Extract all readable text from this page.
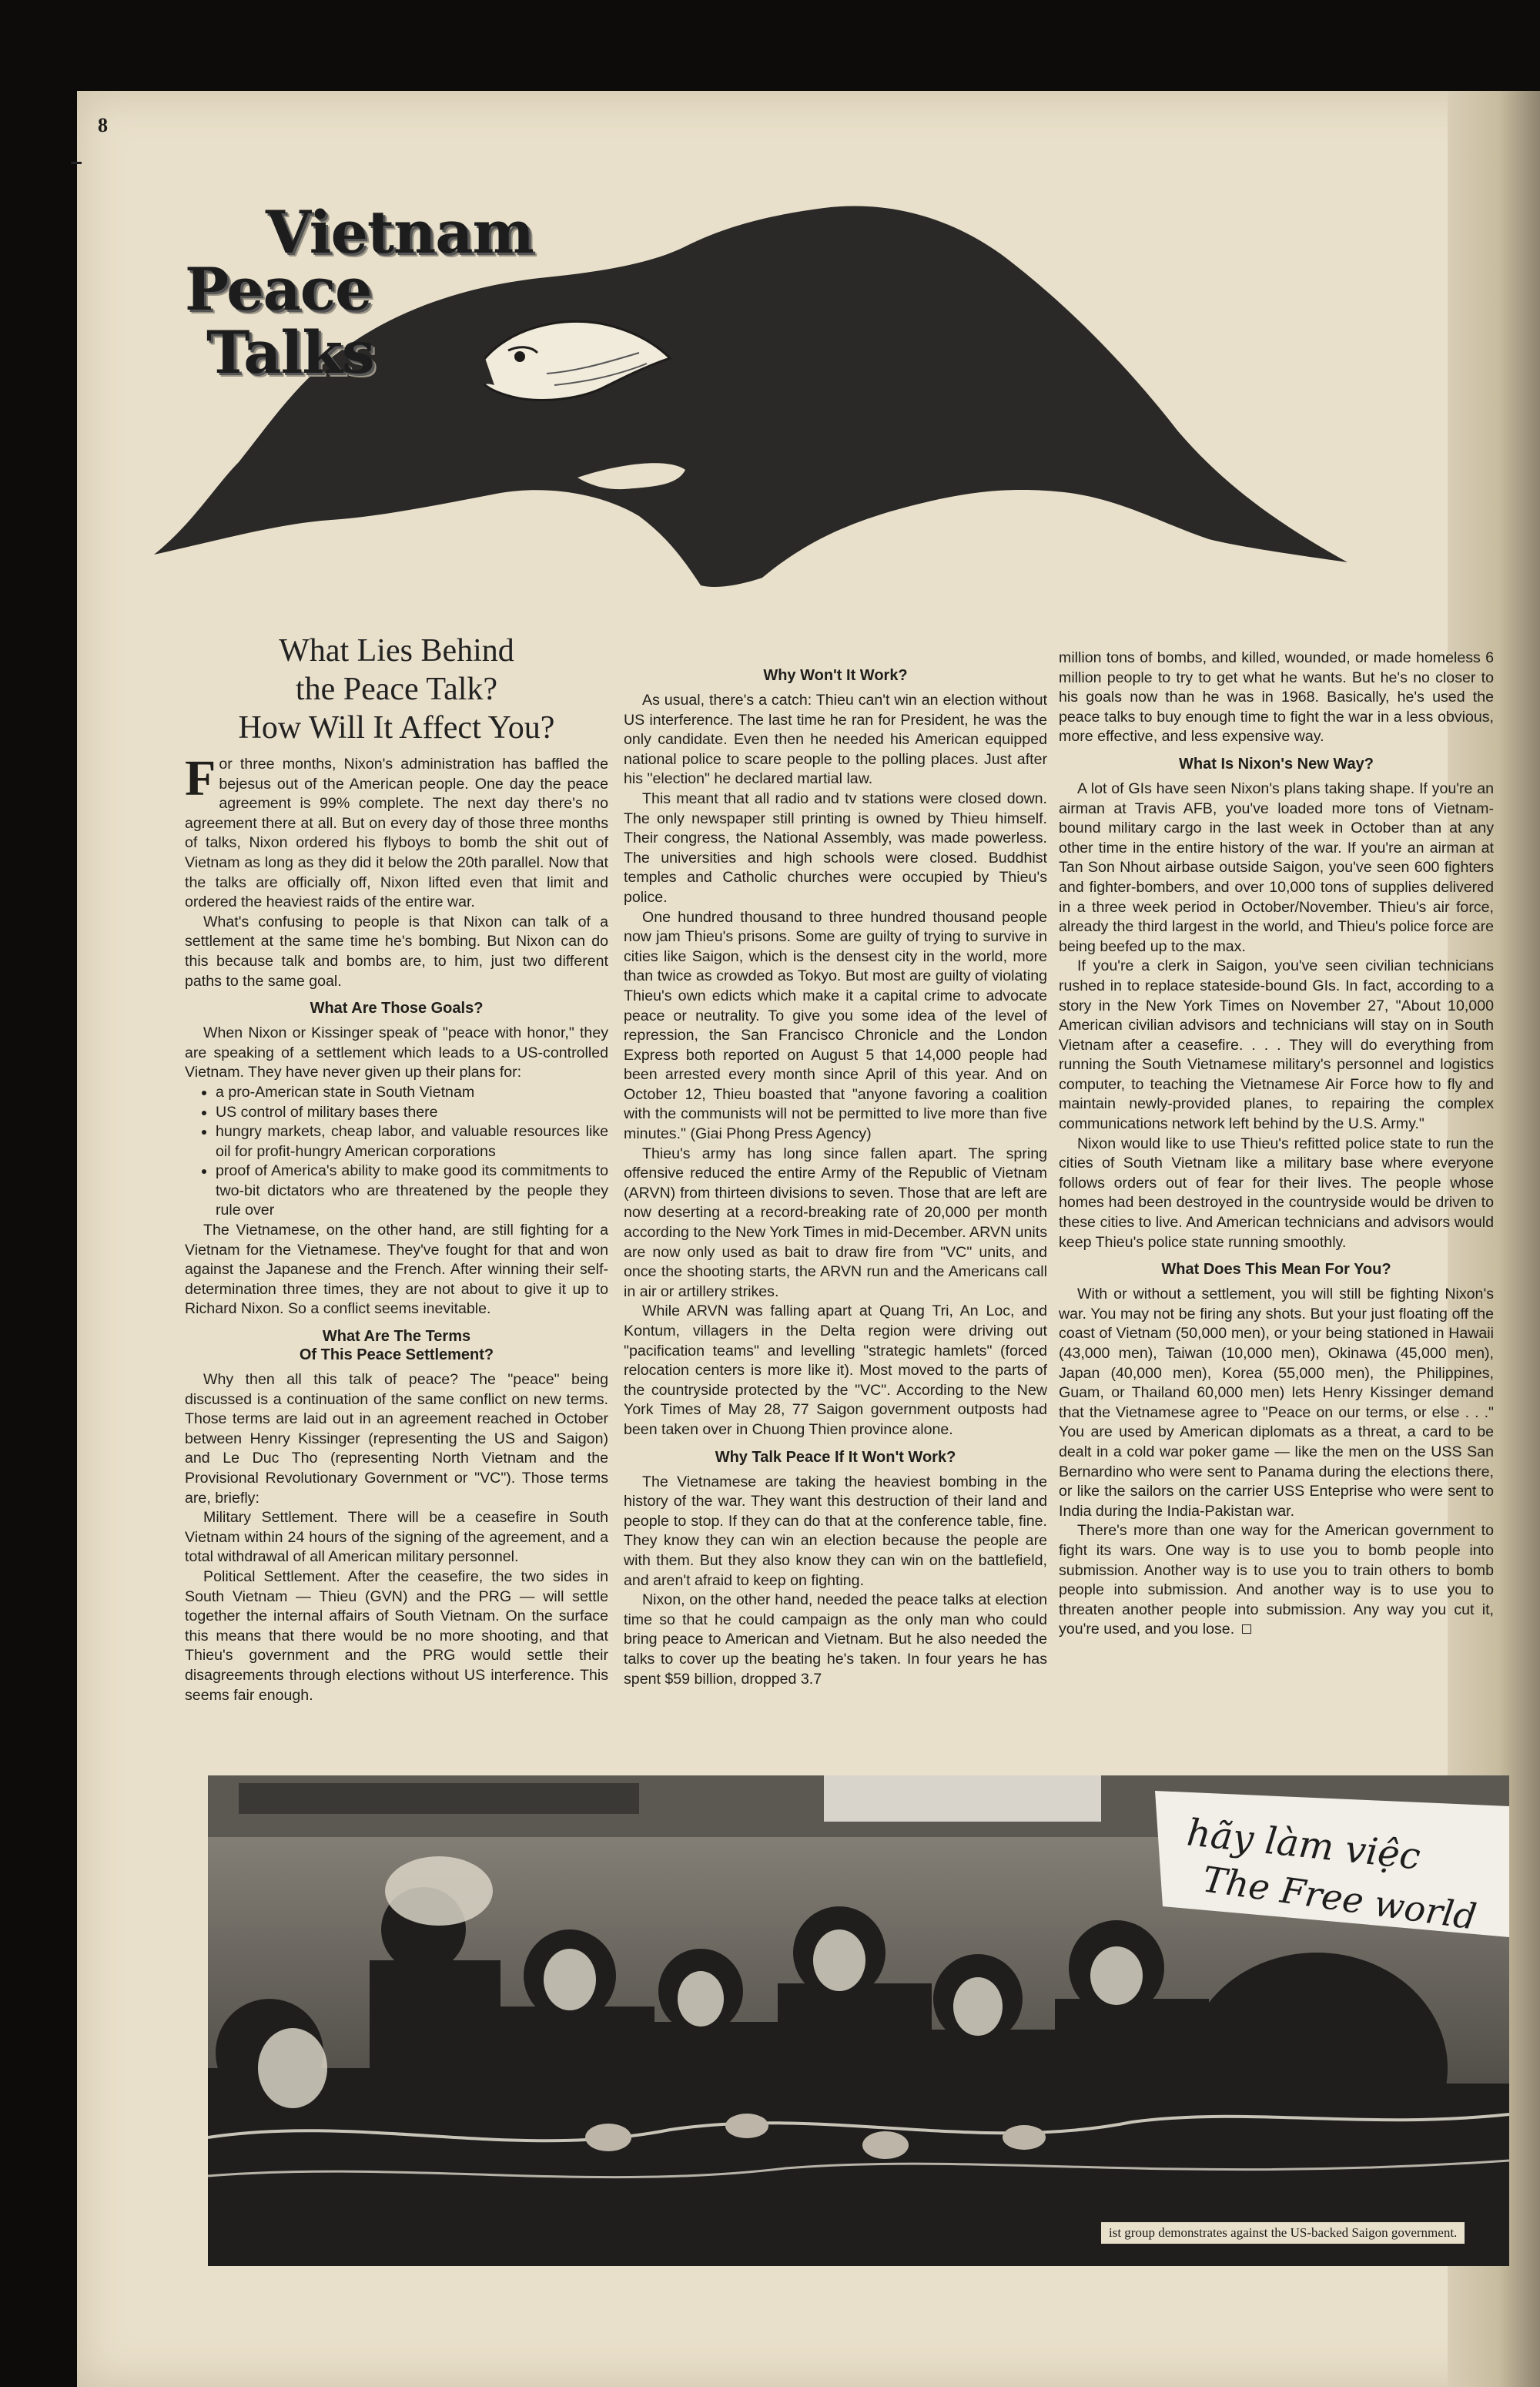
8
Vietnam
Peace
Talks
What Lies Behind
the Peace Talk?
How Will It Affect You?

For three months, Nixon's administration has baffled the bejesus out of the American people. One day the peace agreement is 99% complete. The next day there's no agreement there at all. But on every day of those three months of talks, Nixon ordered his flyboys to bomb the shit out of Vietnam as long as they did it below the 20th parallel. Now that the talks are officially off, Nixon lifted even that limit and ordered the heaviest raids of the entire war.

What's confusing to people is that Nixon can talk of a settlement at the same time he's bombing. But Nixon can do this because talk and bombs are, to him, just two different paths to the same goal.

What Are Those Goals?

When Nixon or Kissinger speak of "peace with honor," they are speaking of a settlement which leads to a US-controlled Vietnam. They have never given up their plans for:

• a pro-American state in South Vietnam
• US control of military bases there
• hungry markets, cheap labor, and valuable resources like oil for profit-hungry American corporations
• proof of America's ability to make good its commitments to two-bit dictators who are threatened by the people they rule over

The Vietnamese, on the other hand, are still fighting for a Vietnam for the Vietnamese. They've fought for that and won against the Japanese and the French. After winning their self-determination three times, they are not about to give it up to Richard Nixon. So a conflict seems inevitable.

What Are The Terms
Of This Peace Settlement?

Why then all this talk of peace? The "peace" being discussed is a continuation of the same conflict on new terms. Those terms are laid out in an agreement reached in October between Henry Kissinger (representing the US and Saigon) and Le Duc Tho (representing North Vietnam and the Provisional Revolutionary Government or "VC"). Those terms are, briefly:

Military Settlement. There will be a ceasefire in South Vietnam within 24 hours of the signing of the agreement, and a total withdrawal of all American military personnel.

Political Settlement. After the ceasefire, the two sides in South Vietnam — Thieu (GVN) and the PRG — will settle together the internal affairs of South Vietnam. On the surface this means that there would be no more shooting, and that Thieu's government and the PRG would settle their disagreements through elections without US interference. This seems fair enough.

Why Won't It Work?

As usual, there's a catch: Thieu can't win an election without US interference. The last time he ran for President, he was the only candidate. Even then he needed his American equipped national police to scare people to the polling places. Just after his "election" he declared martial law.

This meant that all radio and tv stations were closed down. The only newspaper still printing is owned by Thieu himself. Their congress, the National Assembly, was made powerless. The universities and high schools were closed. Buddhist temples and Catholic churches were occupied by Thieu's police.

One hundred thousand to three hundred thousand people now jam Thieu's prisons. Some are guilty of trying to survive in cities like Saigon, which is the densest city in the world, more than twice as crowded as Tokyo. But most are guilty of violating Thieu's own edicts which make it a capital crime to advocate peace or neutrality. To give you some idea of the level of repression, the San Francisco Chronicle and the London Express both reported on August 5 that 14,000 people had been arrested every month since April of this year. And on October 12, Thieu boasted that "anyone favoring a coalition with the communists will not be permitted to live more than five minutes." (Giai Phong Press Agency)

Thieu's army has long since fallen apart. The spring offensive reduced the entire Army of the Republic of Vietnam (ARVN) from thirteen divisions to seven. Those that are left are now deserting at a record-breaking rate of 20,000 per month according to the New York Times in mid-December. ARVN units are now only used as bait to draw fire from "VC" units, and once the shooting starts, the ARVN run and the Americans call in air or artillery strikes.

While ARVN was falling apart at Quang Tri, An Loc, and Kontum, villagers in the Delta region were driving out "pacification teams" and levelling "strategic hamlets" (forced relocation centers is more like it). Most moved to the parts of the countryside protected by the "VC". According to the New York Times of May 28, 77 Saigon government outposts had been taken over in Chuong Thien province alone.

Why Talk Peace If It Won't Work?

The Vietnamese are taking the heaviest bombing in the history of the war. They want this destruction of their land and people to stop. If they can do that at the conference table, fine. They know they can win an election because the people are with them. But they also know they can win on the battlefield, and aren't afraid to keep on fighting.

Nixon, on the other hand, needed the peace talks at election time so that he could campaign as the only man who could bring peace to American and Vietnam. But he also needed the talks to cover up the beating he's taken. In four years he has spent $59 billion, dropped 3.7

million tons of bombs, and killed, wounded, or made homeless 6 million people to try to get what he wants. But he's no closer to his goals now than he was in 1968. Basically, he's used the peace talks to buy enough time to fight the war in a less obvious, more effective, and less expensive way.

What Is Nixon's New Way?

A lot of GIs have seen Nixon's plans taking shape. If you're an airman at Travis AFB, you've loaded more tons of Vietnam-bound military cargo in the last week in October than at any other time in the entire history of the war. If you're an airman at Tan Son Nhout airbase outside Saigon, you've seen 600 fighters and fighter-bombers, and over 10,000 tons of supplies delivered in a three week period in October/November. Thieu's air force, already the third largest in the world, and Thieu's police force are being beefed up to the max.

If you're a clerk in Saigon, you've seen civilian technicians rushed in to replace stateside-bound GIs. In fact, according to a story in the New York Times on November 27, "About 10,000 American civilian advisors and technicians will stay on in South Vietnam after a ceasefire. . . . They will do everything from running the South Vietnamese military's personnel and logistics computer, to teaching the Vietnamese Air Force how to fly and maintain newly-provided planes, to repairing the complex communications network left behind by the U.S. Army."

Nixon would like to use Thieu's refitted police state to run the cities of South Vietnam like a military base where everyone follows orders out of fear for their lives. The people whose homes had been destroyed in the countryside would be driven to these cities to live. And American technicians and advisors would keep Thieu's police state running smoothly.

What Does This Mean For You?

With or without a settlement, you will still be fighting Nixon's war. You may not be firing any shots. But your just floating off the coast of Vietnam (50,000 men), or your being stationed in Hawaii (43,000 men), Taiwan (10,000 men), Okinawa (45,000 men), Japan (40,000 men), Korea (55,000 men), the Philippines, Guam, or Thailand 60,000 men) lets Henry Kissinger demand that the Vietnamese agree to "Peace on our terms, or else . . ." You are used by American diplomats as a threat, a card to be dealt in a cold war poker game — like the men on the USS San Bernardino who were sent to Panama during the elections there, or like the sailors on the carrier USS Enteprise who were sent to India during the India-Pakistan war.

There's more than one way for the American government to fight its wars. One way is to use you to bomb people into submission. Another way is to use you to train others to bomb people into submission. And another way is to use you to threaten another people into submission. Any way you cut it, you're used, and you lose.

hãy làm việc
The Free world
ist group demonstrates against the US-backed Saigon government.
